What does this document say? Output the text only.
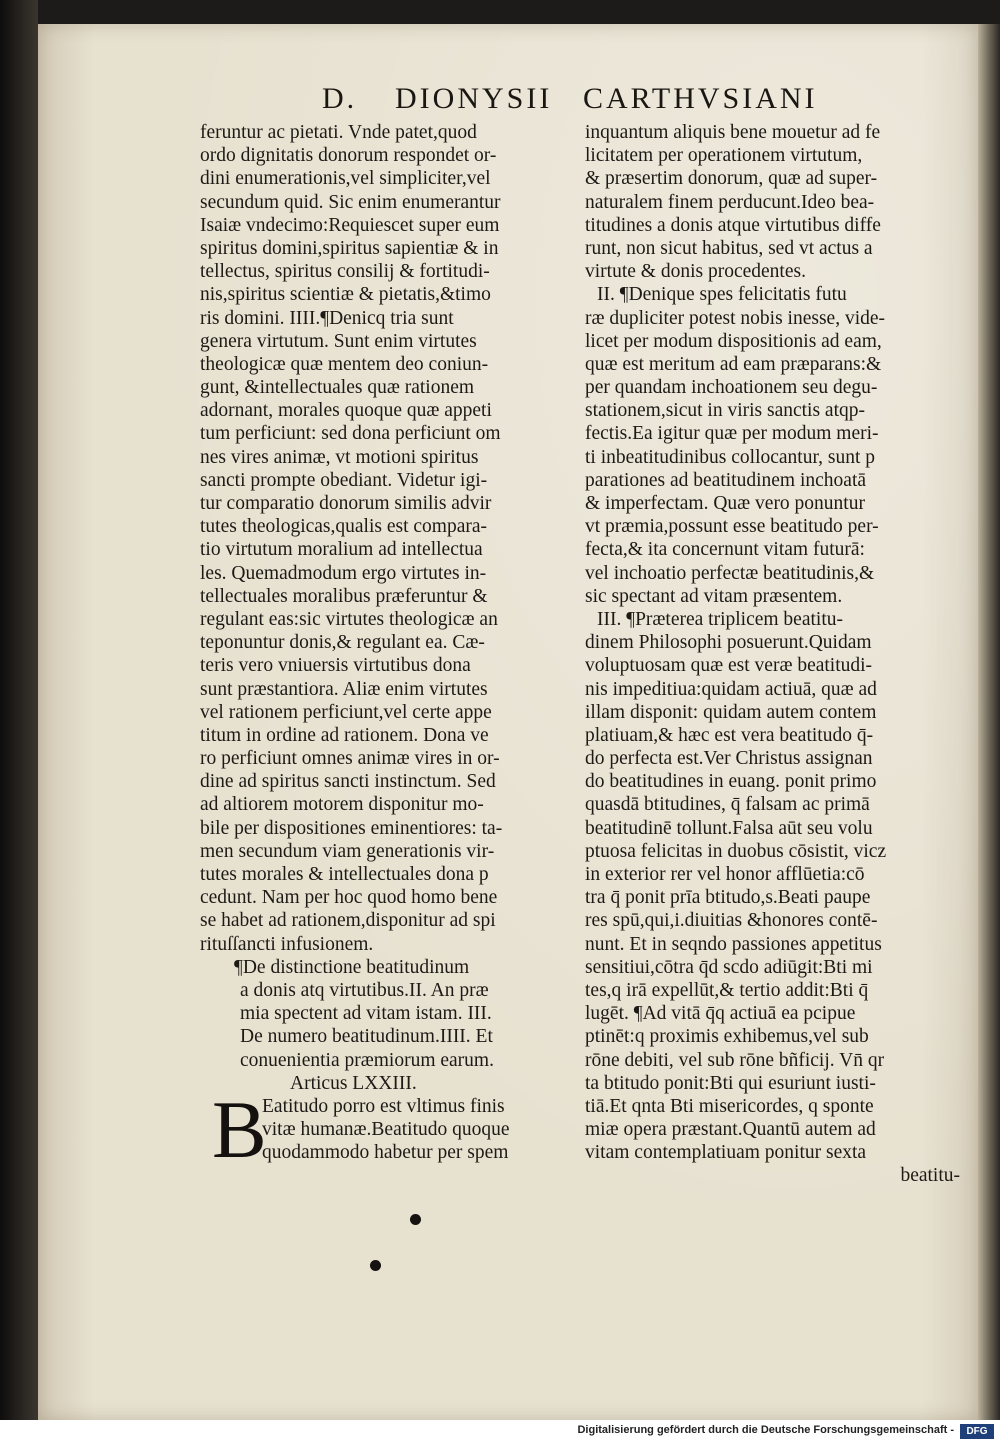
D. DIONYSII CARTHVSIANI
feruntur ac pietati. Vnde patet,quod
ordo dignitatis donorum respondet or-
dini enumerationis,vel simpliciter,vel
secundum quid. Sic enim enumerantur
Isaiæ vndecimo:Requiescet super eum
spiritus domini,spiritus sapientiæ & in
tellectus, spiritus consilij & fortitudi-
nis,spiritus scientiæ & pietatis,&timo
ris domini. IIII.¶Denicq tria sunt
genera virtutum. Sunt enim virtutes
theologicæ quæ mentem deo coniun-
gunt, &intellectuales quæ rationem
adornant, morales quoque quæ appeti
tum perficiunt: sed dona perficiunt om
nes vires animæ, vt motioni spiritus
sancti prompte obediant. Videtur igi-
tur comparatio donorum similis advir
tutes theologicas,qualis est compara-
tio virtutum moralium ad intellectua
les. Quemadmodum ergo virtutes in-
tellectuales moralibus præferuntur &
regulant eas:sic virtutes theologicæ an
teponuntur donis,& regulant ea. Cæ-
teris vero vniuersis virtutibus dona
sunt præstantiora. Aliæ enim virtutes
vel rationem perficiunt,vel certe appe
titum in ordine ad rationem. Dona ve
ro perficiunt omnes animæ vires in or-
dine ad spiritus sancti instinctum. Sed
ad altiorem motorem disponitur mo-
bile per dispositiones eminentiores: ta-
men secundum viam generationis vir-
tutes morales & intellectuales dona p
cedunt. Nam per hoc quod homo bene
se habet ad rationem,disponitur ad spi
rituſſancti infusionem.
¶De distinctione beatitudinum
a donis atq virtutibus.II. An præ
mia spectent ad vitam istam. III.
De numero beatitudinum.IIII. Et
conuenientia præmiorum earum.
Articus LXXIII.
B
Eatitudo porro est vltimus finis
vitæ humanæ.Beatitudo quoque
quodammodo habetur per spem
inquantum aliquis bene mouetur ad fe
licitatem per operationem virtutum,
& præsertim donorum, quæ ad super-
naturalem finem perducunt.Ideo bea-
titudines a donis atque virtutibus diffe
runt, non sicut habitus, sed vt actus a
virtute & donis procedentes.
II. ¶Denique spes felicitatis futu
ræ dupliciter potest nobis inesse, vide-
licet per modum dispositionis ad eam,
quæ est meritum ad eam præparans:&
per quandam inchoationem seu degu-
stationem,sicut in viris sanctis atqp-
fectis.Ea igitur quæ per modum meri-
ti inbeatitudinibus collocantur, sunt p
parationes ad beatitudinem inchoatā
& imperfectam. Quæ vero ponuntur
vt præmia,possunt esse beatitudo per-
fecta,& ita concernunt vitam futurā:
vel inchoatio perfectæ beatitudinis,&
sic spectant ad vitam præsentem.
III. ¶Præterea triplicem beatitu-
dinem Philosophi posuerunt.Quidam
voluptuosam quæ est veræ beatitudi-
nis impeditiua:quidam actiuā, quæ ad
illam disponit: quidam autem contem
platiuam,& hæc est vera beatitudo q̄-
do perfecta est.Ver Christus assignan
do beatitudines in euang. ponit primo
quasdā btitudines, q̄ falsam ac primā
beatitudinē tollunt.Falsa aūt seu volu
ptuosa felicitas in duobus cōsistit, vicz
in exterior rer vel honor afflūetia:cō
tra q̄ ponit prīa btitudo,s.Beati paupe
res spū,qui,i.diuitias &honores contē-
nunt. Et in seqndo passiones appetitus
sensitiui,cōtra q̄d scdo adiūgit:Bti mi
tes,q irā expellūt,& tertio addit:Bti q̄
lugēt. ¶Ad vitā q̄q actiuā ea pcipue
ptinēt:q proximis exhibemus,vel sub
rōne debiti, vel sub rōne bñficij. Vn̄ qr
ta btitudo ponit:Bti qui esuriunt iusti-
tiā.Et qnta Bti misericordes, q sponte
miæ opera præstant.Quantū autem ad
vitam contemplatiuam ponitur sexta
beatitu-
Digitalisierung gefördert durch die Deutsche Forschungsgemeinschaft -	DFG
